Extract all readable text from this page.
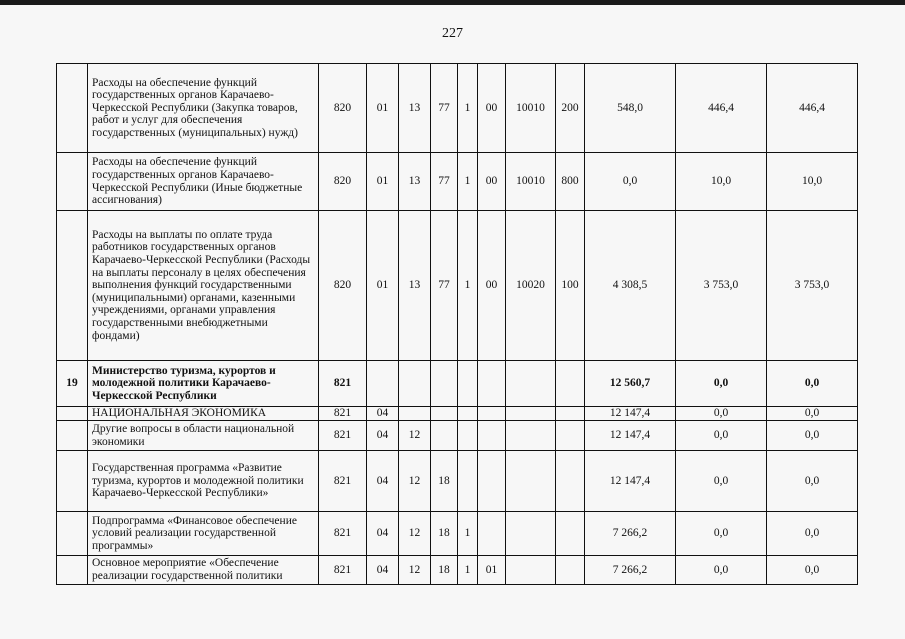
227
	Расходы на обеспечение функций государственных органов Карачаево-Черкесской Республики (Закупка товаров, работ и услуг для обеспечения государственных (муниципальных) нужд)	820	01	13	77	1	00	10010	200	548,0	446,4	446,4
	Расходы на обеспечение функций государственных органов Карачаево-Черкесской Республики (Иные бюджетные ассигнования)	820	01	13	77	1	00	10010	800	0,0	10,0	10,0
	Расходы на выплаты по оплате труда работников государственных органов Карачаево-Черкесской Республики (Расходы на выплаты персоналу в целях обеспечения выполнения функций государственными (муниципальными) органами, казенными учреждениями, органами управления государственными внебюджетными фондами)	820	01	13	77	1	00	10020	100	4 308,5	3 753,0	3 753,0
19	Министерство туризма, курортов и молодежной политики Карачаево-Черкесской Республики	821								12 560,7	0,0	0,0
	НАЦИОНАЛЬНАЯ ЭКОНОМИКА	821	04							12 147,4	0,0	0,0
	Другие вопросы в области национальной экономики	821	04	12						12 147,4	0,0	0,0
	Государственная программа «Развитие туризма, курортов и молодежной политики Карачаево-Черкесской Республики»	821	04	12	18					12 147,4	0,0	0,0
	Подпрограмма «Финансовое обеспечение условий реализации государственной программы»	821	04	12	18	1				7 266,2	0,0	0,0
	Основное мероприятие «Обеспечение реализации государственной политики	821	04	12	18	1	01			7 266,2	0,0	0,0
